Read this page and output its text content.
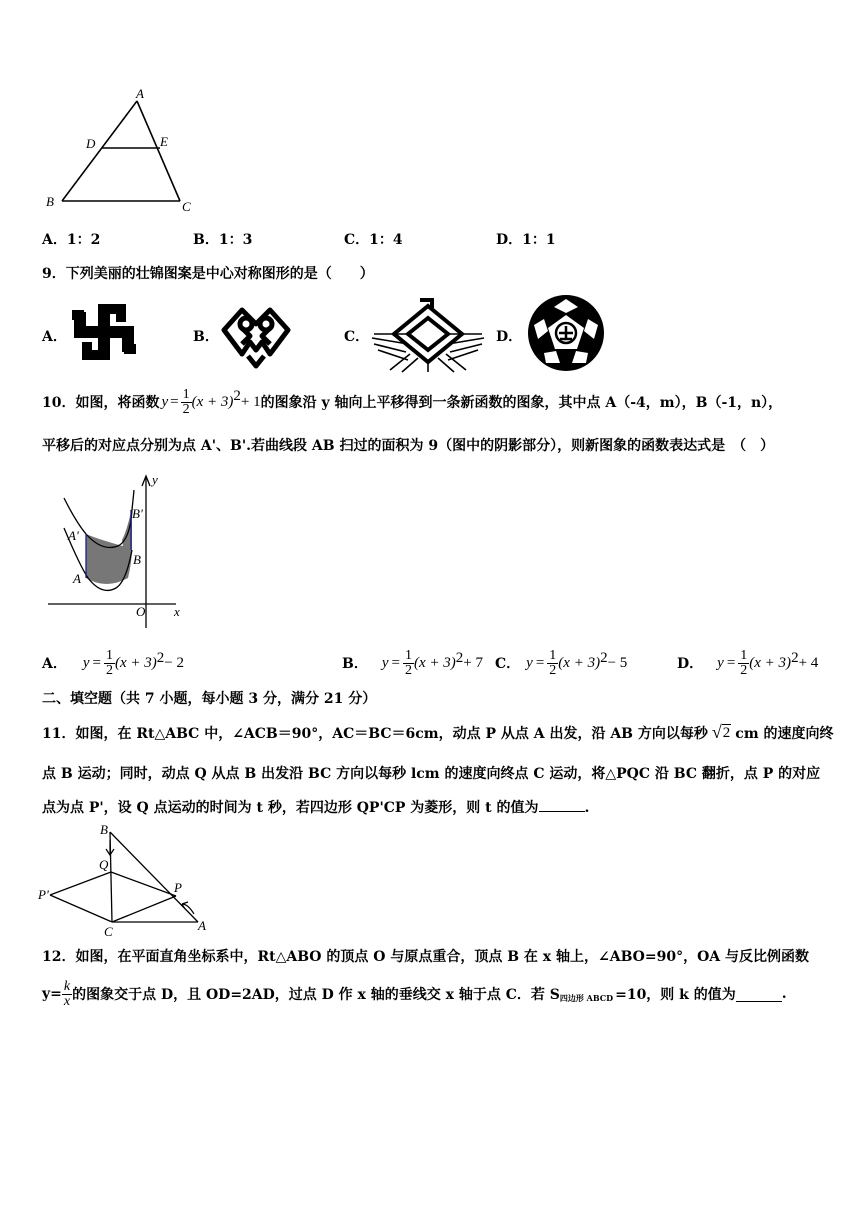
A
D	E
B	C
A．1：2	B．1：3	C．1：4	D．1：1
9．下列美丽的壮锦图案是中心对称图形的是（　　）
A．	B．	C．	D．
10．如图，将函数 $y = \frac{1}{2} (x + 3) 2 + 1$ 的图象沿 y 轴向上平移得到一条新函数的图象，其中点 A（-4，m），B（-1，n），
平移后的对应点分别为点 A'、B'.若曲线段 AB 扫过的面积为 9（图中的阴影部分），则新图象的函数表达式是　（　）
y
x
O
A
A'
B
B'
A． $y = \frac{1}{2} (x + 3) 2 - 2$	B． $y = \frac{1}{2} (x + 3) 2 + 7$ C． $y = \frac{1}{2} (x + 3) 2 - 5$	D． $y = \frac{1}{2} (x + 3) 2 + 4$
二、填空题（共 7 小题，每小题 3 分，满分 21 分）
11．如图，在 Rt△ABC 中，∠ACB＝90°，AC＝BC＝6cm，动点 P 从点 A 出发，沿 AB 方向以每秒 √ 2 cm 的速度向终
点 B 运动；同时，动点 Q 从点 B 出发沿 BC 方向以每秒 lcm 的速度向终点 C 运动，将△PQC 沿 BC 翻折，点 P 的对应
点为点 P'，设 Q 点运动的时间为 t 秒，若四边形 QP'CP 为菱形，则 t 的值为	.
B
Q
P'	P
C	A
12．如图，在平面直角坐标系中，Rt△ABO 的顶点 O 与原点重合，顶点 B 在 x 轴上，∠ABO=90°，OA 与反比例函数
$y= \frac{k}{x}$ 的图象交于点 D，且 OD=2AD，过点 D 作 x 轴的垂线交 x 轴于点 C．若 S 四边形 ABCD =10，则 k 的值为	.
